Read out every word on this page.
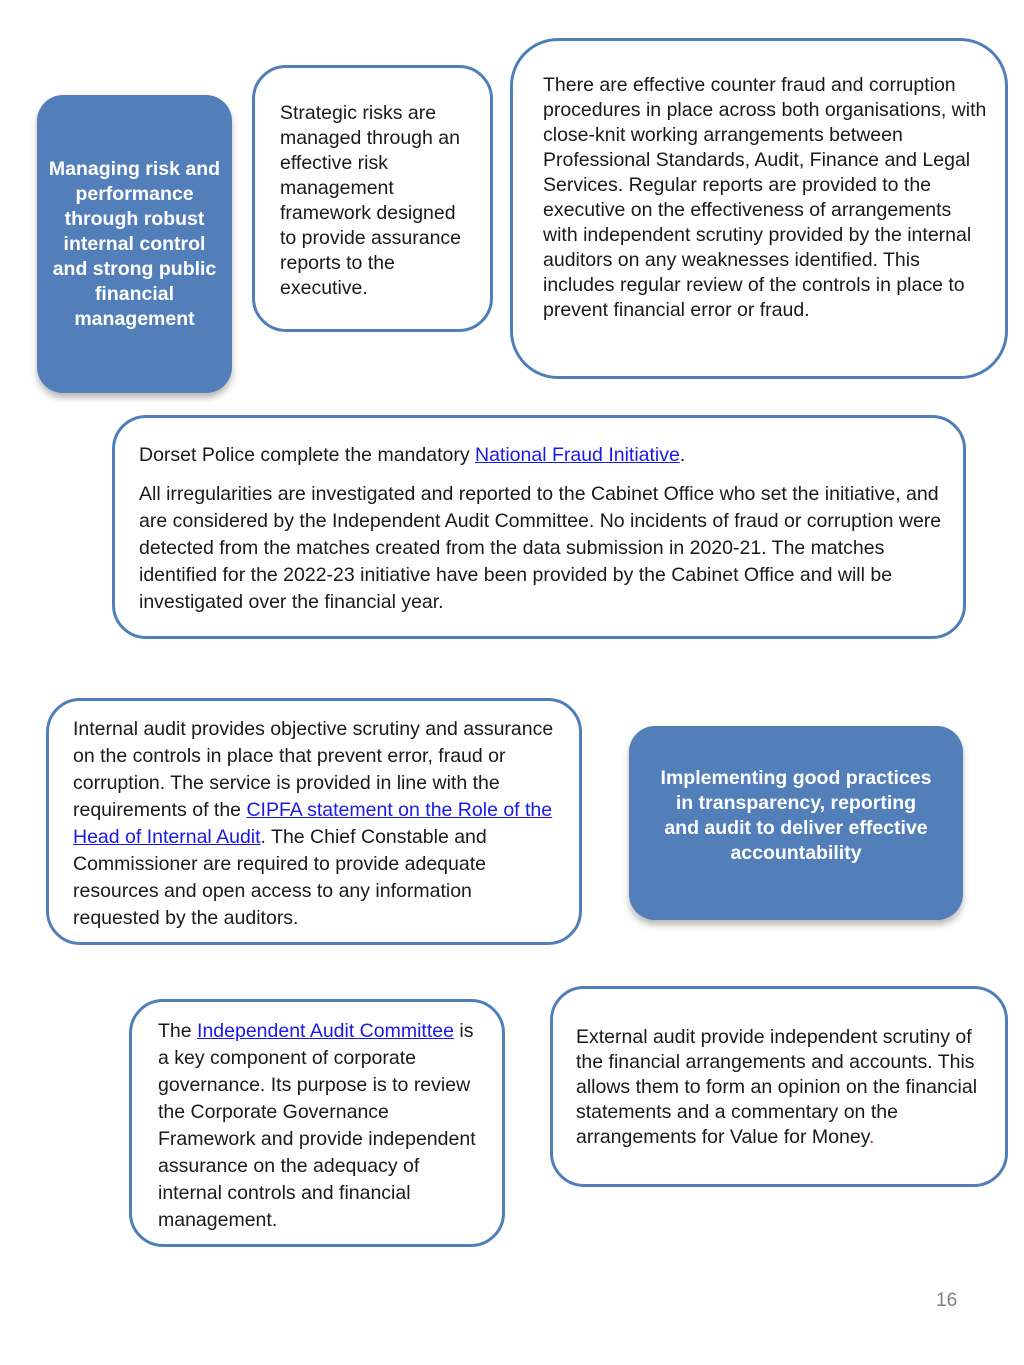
Managing risk and performance through robust internal control and strong public financial management

Strategic risks are managed through an effective risk management framework designed to provide assurance reports to the executive.

There are effective counter fraud and corruption procedures in place across both organisations, with close-knit working arrangements between Professional Standards, Audit, Finance and Legal Services. Regular reports are provided to the executive on the effectiveness of arrangements with independent scrutiny provided by the internal auditors on any weaknesses identified. This includes regular review of the controls in place to prevent financial error or fraud.

Dorset Police complete the mandatory National Fraud Initiative.

All irregularities are investigated and reported to the Cabinet Office who set the initiative, and are considered by the Independent Audit Committee. No incidents of fraud or corruption were detected from the matches created from the data submission in 2020-21. The matches identified for the 2022-23 initiative have been provided by the Cabinet Office and will be investigated over the financial year.

Internal audit provides objective scrutiny and assurance on the controls in place that prevent error, fraud or corruption. The service is provided in line with the requirements of the CIPFA statement on the Role of the Head of Internal Audit. The Chief Constable and Commissioner are required to provide adequate resources and open access to any information requested by the auditors.

Implementing good practices in transparency, reporting and audit to deliver effective accountability

The Independent Audit Committee is a key component of corporate governance. Its purpose is to review the Corporate Governance Framework and provide independent assurance on the adequacy of internal controls and financial management.

External audit provide independent scrutiny of the financial arrangements and accounts. This allows them to form an opinion on the financial statements and a commentary on the arrangements for Value for Money.

16
